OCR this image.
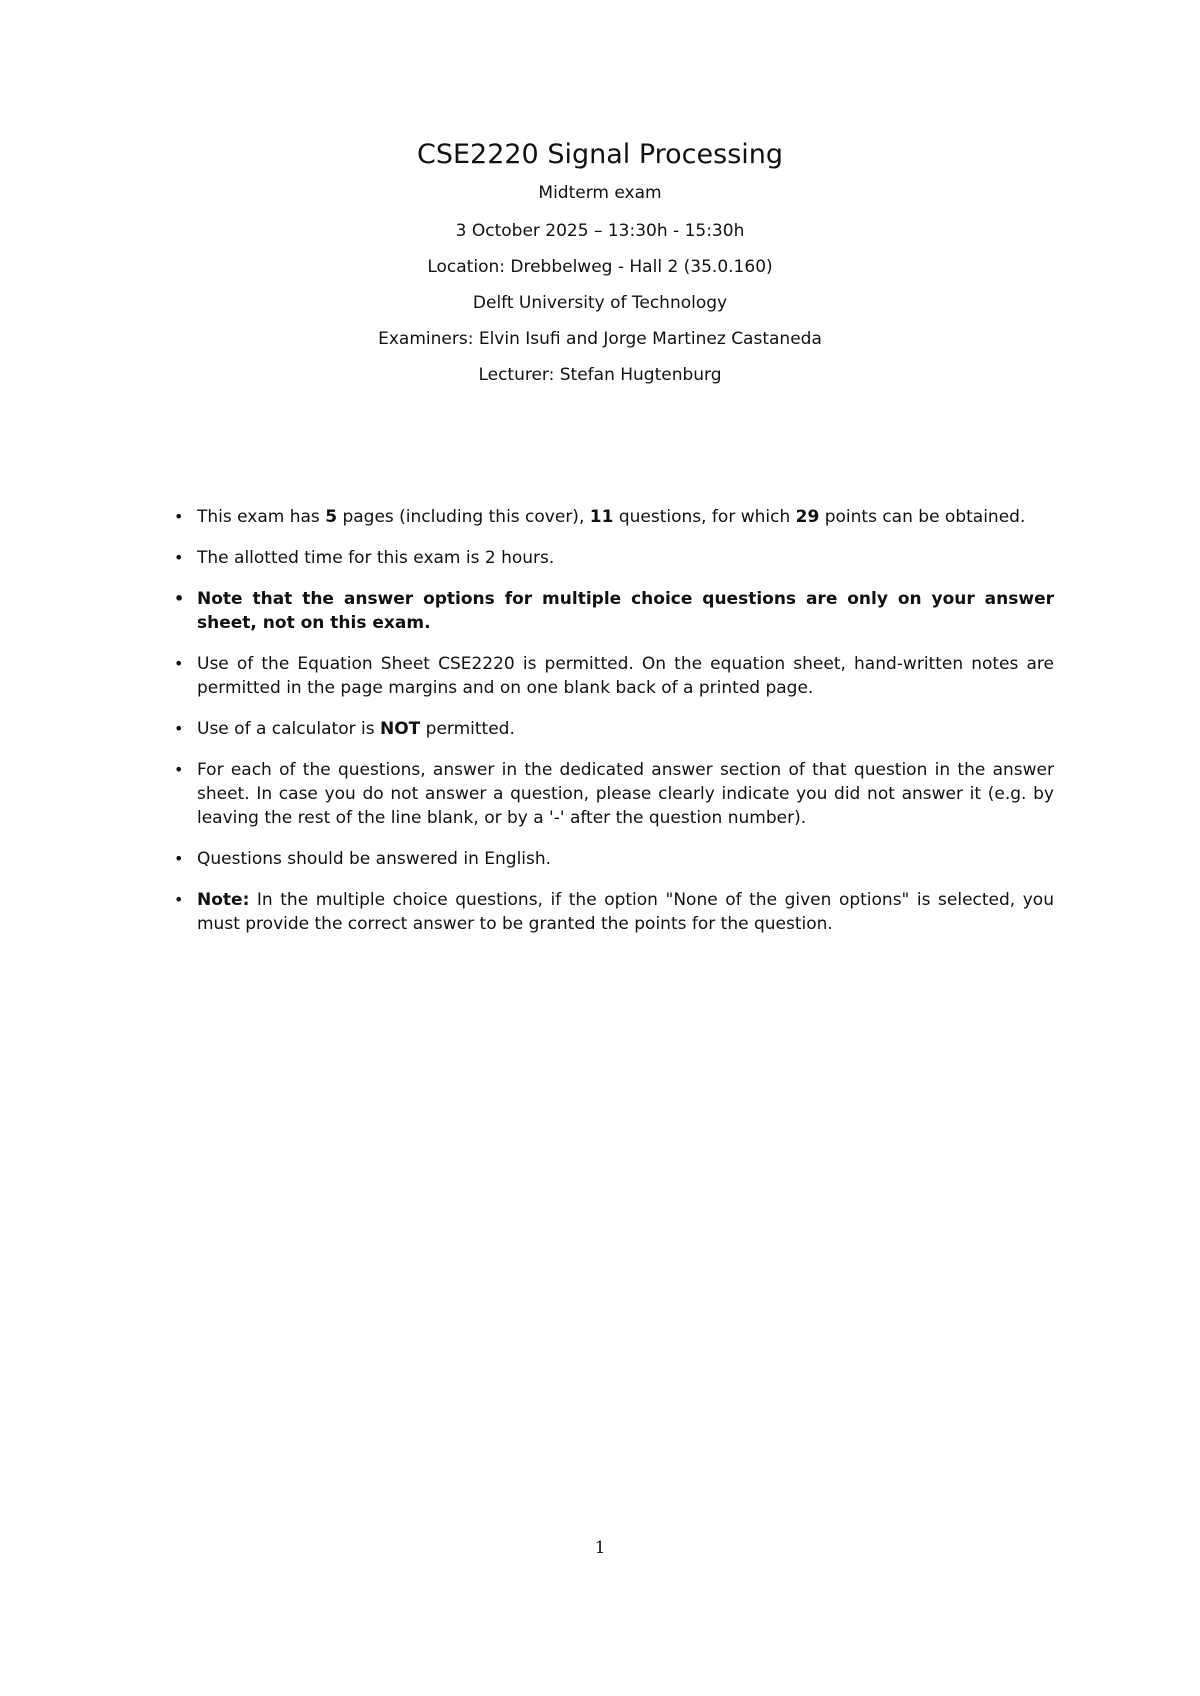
CSE2220 Signal Processing
Midterm exam
3 October 2025 – 13:30h - 15:30h
Location: Drebbelweg - Hall 2 (35.0.160)
Delft University of Technology
Examiners: Elvin Isufi and Jorge Martinez Castaneda
Lecturer: Stefan Hugtenburg
• This exam has 5 pages (including this cover), 11 questions, for which 29 points can be obtained.
• The allotted time for this exam is 2 hours.
• Note that the answer options for multiple choice questions are only on your answer sheet, not on this exam.
• Use of the Equation Sheet CSE2220 is permitted. On the equation sheet, hand-written notes are permitted in the page margins and on one blank back of a printed page.
• Use of a calculator is NOT permitted.
• For each of the questions, answer in the dedicated answer section of that question in the answer sheet. In case you do not answer a question, please clearly indicate you did not answer it (e.g. by leaving the rest of the line blank, or by a '-' after the question number).
• Questions should be answered in English.
• Note: In the multiple choice questions, if the option "None of the given options" is selected, you must provide the correct answer to be granted the points for the question.
1
